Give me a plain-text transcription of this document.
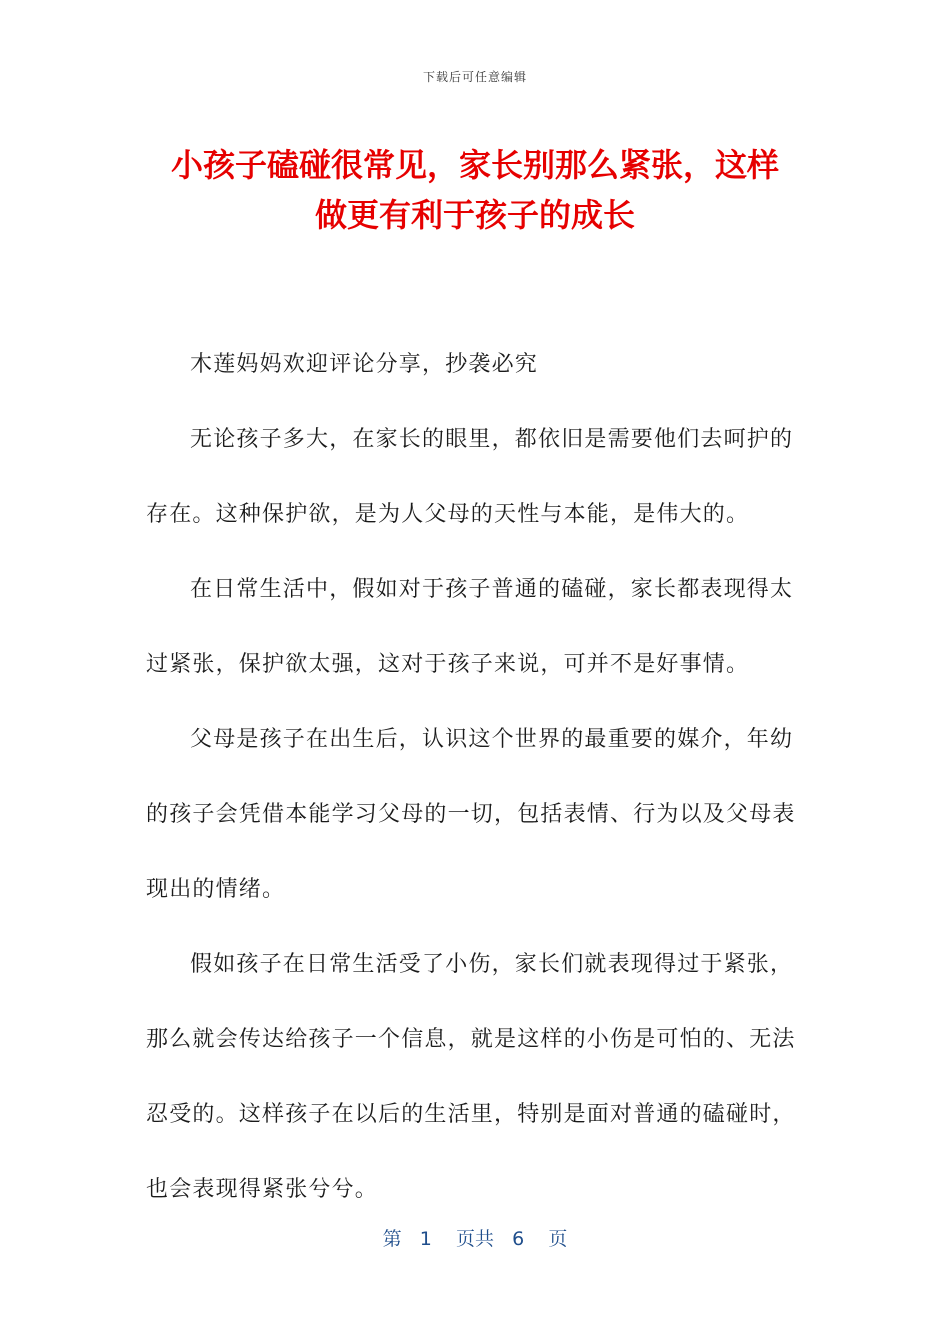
下载后可任意编辑
小孩子磕碰很常见，家长别那么紧张，这样
做更有利于孩子的成长

木莲妈妈欢迎评论分享，抄袭必究

无论孩子多大，在家长的眼里，都依旧是需要他们去呵护的存在。这种保护欲，是为人父母的天性与本能，是伟大的。

在日常生活中，假如对于孩子普通的磕碰，家长都表现得太过紧张，保护欲太强，这对于孩子来说，可并不是好事情。

父母是孩子在出生后，认识这个世界的最重要的媒介，年幼的孩子会凭借本能学习父母的一切，包括表情、行为以及父母表现出的情绪。

假如孩子在日常生活受了小伤，家长们就表现得过于紧张，那么就会传达给孩子一个信息，就是这样的小伤是可怕的、无法忍受的。这样孩子在以后的生活里，特别是面对普通的磕碰时，也会表现得紧张兮兮。

第 1 页共 6 页
